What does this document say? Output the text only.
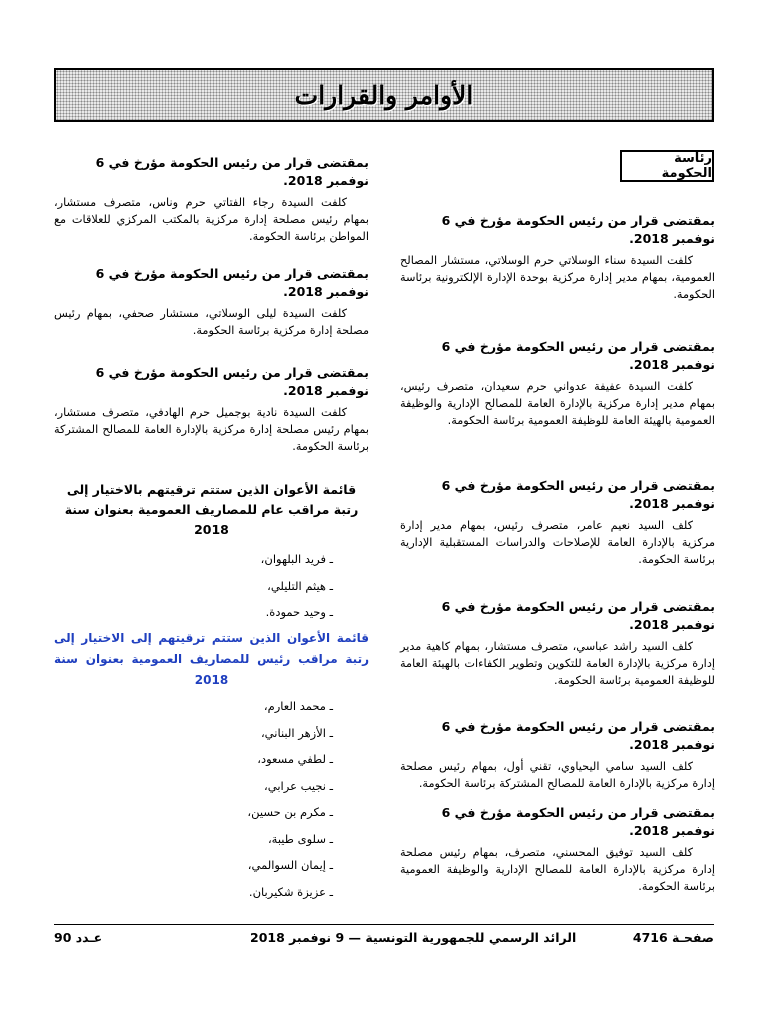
الأوامر والقرارات
رئاسة الحكومة

بمقتضى قرار من رئيس الحكومة مؤرخ في 6 نوفمبر 2018.

كلفت السيدة سناء الوسلاتي حرم الوسلاتي، مستشار المصالح العمومية، بمهام مدير إدارة مركزية بوحدة الإدارة الإلكترونية برئاسة الحكومة.

بمقتضى قرار من رئيس الحكومة مؤرخ في 6 نوفمبر 2018.

كلفت السيدة عفيفة عدواني حرم سعيدان، متصرف رئيس، بمهام مدير إدارة مركزية بالإدارة العامة للمصالح الإدارية والوظيفة العمومية بالهيئة العامة للوظيفة العمومية برئاسة الحكومة.

بمقتضى قرار من رئيس الحكومة مؤرخ في 6 نوفمبر 2018.

كلف السيد نعيم عامر، متصرف رئيس، بمهام مدير إدارة مركزية بالإدارة العامة للإصلاحات والدراسات المستقبلية الإدارية برئاسة الحكومة.

بمقتضى قرار من رئيس الحكومة مؤرخ في 6 نوفمبر 2018.

كلف السيد راشد عباسي، متصرف مستشار، بمهام كاهية مدير إدارة مركزية بالإدارة العامة للتكوين وتطوير الكفاءات بالهيئة العامة للوظيفة العمومية برئاسة الحكومة.

بمقتضى قرار من رئيس الحكومة مؤرخ في 6 نوفمبر 2018.

كلف السيد سامي اليحياوي، تقني أول، بمهام رئيس مصلحة إدارة مركزية بالإدارة العامة للمصالح المشتركة برئاسة الحكومة.

بمقتضى قرار من رئيس الحكومة مؤرخ في 6 نوفمبر 2018.

كلف السيد توفيق المحسني، متصرف، بمهام رئيس مصلحة إدارة مركزية بالإدارة العامة للمصالح الإدارية والوظيفة العمومية برئاسة الحكومة.

بمقتضى قرار من رئيس الحكومة مؤرخ في 6 نوفمبر 2018.

كلفت السيدة رجاء الفتاتي حرم وناس، متصرف مستشار، بمهام رئيس مصلحة إدارة مركزية بالمكتب المركزي للعلاقات مع المواطن برئاسة الحكومة.

بمقتضى قرار من رئيس الحكومة مؤرخ في 6 نوفمبر 2018.

كلفت السيدة ليلى الوسلاتي، مستشار صحفي، بمهام رئيس مصلحة إدارة مركزية برئاسة الحكومة.

بمقتضى قرار من رئيس الحكومة مؤرخ في 6 نوفمبر 2018.

كلفت السيدة نادية بوجميل حرم الهادفي، متصرف مستشار، بمهام رئيس مصلحة إدارة مركزية بالإدارة العامة للمصالح المشتركة برئاسة الحكومة.

قائمة الأعوان الذين ستتم ترقيتهم بالاختيار إلى رتبة مراقب عام للمصاريف العمومية بعنوان سنة 2018

ـ فريد البلهوان،
ـ هيثم التليلي،
ـ وحيد حمودة.

قائمة الأعوان الذين ستتم ترقيتهم إلى الاختيار إلى رتبة مراقب رئيس للمصاريف العمومية بعنوان سنة 2018

ـ محمد العارم،
ـ الأزهر البناني،
ـ لطفي مسعود،
ـ نجيب عرابي،
ـ مكرم بن حسين،
ـ سلوى طيبة،
ـ إيمان السوالمي،
ـ عزيزة شكيربان.
صفحـة 4716
الرائد الرسمي للجمهورية التونسية — 9 نوفمبر 2018
عـدد 90
